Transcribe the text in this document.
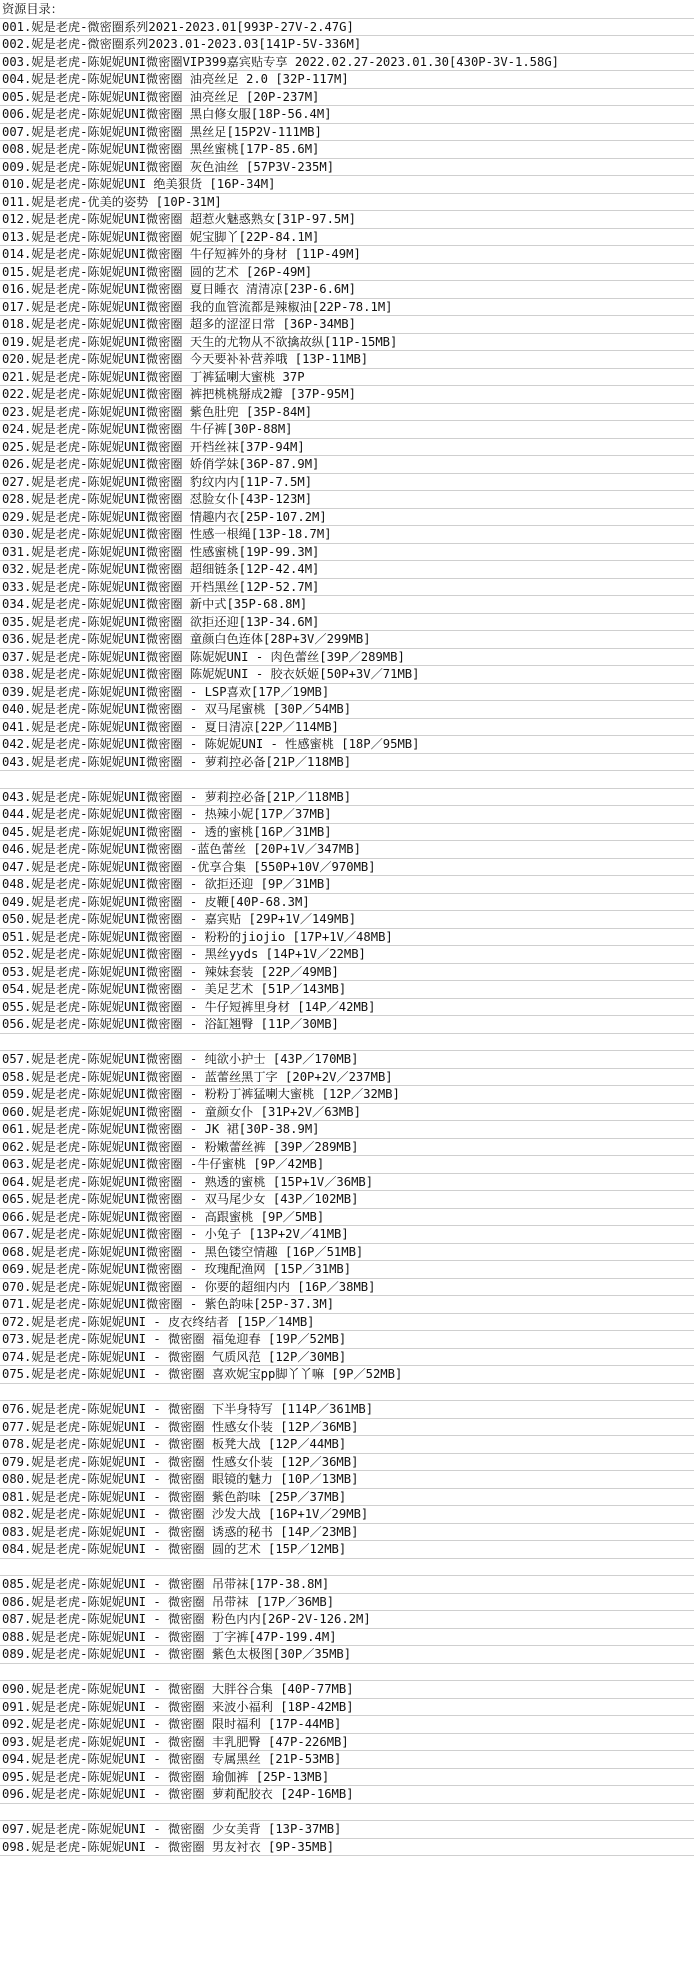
资源目录：
001.妮是老虎-微密圈系列2021-2023.01[993P-27V-2.47G]
002.妮是老虎-微密圈系列2023.01-2023.03[141P-5V-336M]
003.妮是老虎-陈妮妮UNI微密圈VIP399嘉宾贴专享 2022.02.27-2023.01.30[430P-3V-1.58G]
004.妮是老虎-陈妮妮UNI微密圈 油亮丝足 2.0 [32P-117M]
005.妮是老虎-陈妮妮UNI微密圈 油亮丝足 [20P-237M]
006.妮是老虎-陈妮妮UNI微密圈 黑白修女服[18P-56.4M]
007.妮是老虎-陈妮妮UNI微密圈 黑丝足[15P2V-111MB]
008.妮是老虎-陈妮妮UNI微密圈 黑丝蜜桃[17P-85.6M]
009.妮是老虎-陈妮妮UNI微密圈 灰色油丝 [57P3V-235M]
010.妮是老虎-陈妮妮UNI 绝美狠货 [16P-34M]
011.妮是老虎-优美的姿势 [10P-31M]
012.妮是老虎-陈妮妮UNI微密圈 超惹火魅惑熟女[31P-97.5M]
013.妮是老虎-陈妮妮UNI微密圈 妮宝脚丫[22P-84.1M]
014.妮是老虎-陈妮妮UNI微密圈 牛仔短裤外的身材 [11P-49M]
015.妮是老虎-陈妮妮UNI微密圈 圆的艺术 [26P-49M]
016.妮是老虎-陈妮妮UNI微密圈 夏日睡衣 清清凉[23P-6.6M]
017.妮是老虎-陈妮妮UNI微密圈 我的血管流都是辣椒油[22P-78.1M]
018.妮是老虎-陈妮妮UNI微密圈 超多的涩涩日常 [36P-34MB]
019.妮是老虎-陈妮妮UNI微密圈 天生的尤物从不欲擒故纵[11P-15MB]
020.妮是老虎-陈妮妮UNI微密圈 今天要补补营养哦 [13P-11MB]
021.妮是老虎-陈妮妮UNI微密圈 丁裤猛喇大蜜桃 37P
022.妮是老虎-陈妮妮UNI微密圈 裤把桃桃掰成2瓣 [37P-95M]
023.妮是老虎-陈妮妮UNI微密圈 紫色肚兜 [35P-84M]
024.妮是老虎-陈妮妮UNI微密圈 牛仔裤[30P-88M]
025.妮是老虎-陈妮妮UNI微密圈 开档丝袜[37P-94M]
026.妮是老虎-陈妮妮UNI微密圈 娇俏学妹[36P-87.9M]
027.妮是老虎-陈妮妮UNI微密圈 豹纹内内[11P-7.5M]
028.妮是老虎-陈妮妮UNI微密圈 怼脸女仆[43P-123M]
029.妮是老虎-陈妮妮UNI微密圈 情趣内衣[25P-107.2M]
030.妮是老虎-陈妮妮UNI微密圈 性感一根绳[13P-18.7M]
031.妮是老虎-陈妮妮UNI微密圈 性感蜜桃[19P-99.3M]
032.妮是老虎-陈妮妮UNI微密圈 超细链条[12P-42.4M]
033.妮是老虎-陈妮妮UNI微密圈 开档黑丝[12P-52.7M]
034.妮是老虎-陈妮妮UNI微密圈 新中式[35P-68.8M]
035.妮是老虎-陈妮妮UNI微密圈 欲拒还迎[13P-34.6M]
036.妮是老虎-陈妮妮UNI微密圈 童颜白色连体[28P+3V／299MB]
037.妮是老虎-陈妮妮UNI微密圈 陈妮妮UNI - 肉色蕾丝[39P／289MB]
038.妮是老虎-陈妮妮UNI微密圈 陈妮妮UNI - 胶衣妖姬[50P+3V／71MB]
039.妮是老虎-陈妮妮UNI微密圈 - LSP喜欢[17P／19MB]
040.妮是老虎-陈妮妮UNI微密圈 - 双马尾蜜桃 [30P／54MB]
041.妮是老虎-陈妮妮UNI微密圈 - 夏日清凉[22P／114MB]
042.妮是老虎-陈妮妮UNI微密圈 - 陈妮妮UNI - 性感蜜桃 [18P／95MB]
043.妮是老虎-陈妮妮UNI微密圈 - 萝莉控必备[21P／118MB]
043.妮是老虎-陈妮妮UNI微密圈 - 萝莉控必备[21P／118MB]
044.妮是老虎-陈妮妮UNI微密圈 - 热辣小妮[17P／37MB]
045.妮是老虎-陈妮妮UNI微密圈 - 透的蜜桃[16P／31MB]
046.妮是老虎-陈妮妮UNI微密圈 -蓝色蕾丝 [20P+1V／347MB]
047.妮是老虎-陈妮妮UNI微密圈 -优享合集 [550P+10V／970MB]
048.妮是老虎-陈妮妮UNI微密圈 - 欲拒还迎 [9P／31MB]
049.妮是老虎-陈妮妮UNI微密圈 - 皮鞭[40P-68.3M]
050.妮是老虎-陈妮妮UNI微密圈 - 嘉宾贴 [29P+1V／149MB]
051.妮是老虎-陈妮妮UNI微密圈 - 粉粉的jiojio [17P+1V／48MB]
052.妮是老虎-陈妮妮UNI微密圈 - 黑丝yyds [14P+1V／22MB]
053.妮是老虎-陈妮妮UNI微密圈 - 辣妹套装 [22P／49MB]
054.妮是老虎-陈妮妮UNI微密圈 - 美足艺术 [51P／143MB]
055.妮是老虎-陈妮妮UNI微密圈 - 牛仔短裤里身材 [14P／42MB]
056.妮是老虎-陈妮妮UNI微密圈 - 浴缸翘臀 [11P／30MB]
057.妮是老虎-陈妮妮UNI微密圈 - 纯欲小护士 [43P／170MB]
058.妮是老虎-陈妮妮UNI微密圈 - 蓝蕾丝黑丁字 [20P+2V／237MB]
059.妮是老虎-陈妮妮UNI微密圈 - 粉粉丁裤猛喇大蜜桃 [12P／32MB]
060.妮是老虎-陈妮妮UNI微密圈 - 童颜女仆 [31P+2V／63MB]
061.妮是老虎-陈妮妮UNI微密圈 - JK 裙[30P-38.9M]
062.妮是老虎-陈妮妮UNI微密圈 - 粉嫩蕾丝裤 [39P／289MB]
063.妮是老虎-陈妮妮UNI微密圈 -牛仔蜜桃 [9P／42MB]
064.妮是老虎-陈妮妮UNI微密圈 - 熟透的蜜桃 [15P+1V／36MB]
065.妮是老虎-陈妮妮UNI微密圈 - 双马尾少女 [43P／102MB]
066.妮是老虎-陈妮妮UNI微密圈 - 高跟蜜桃 [9P／5MB]
067.妮是老虎-陈妮妮UNI微密圈 - 小兔子 [13P+2V／41MB]
068.妮是老虎-陈妮妮UNI微密圈 - 黑色镂空情趣 [16P／51MB]
069.妮是老虎-陈妮妮UNI微密圈 - 玫瑰配渔网 [15P／31MB]
070.妮是老虎-陈妮妮UNI微密圈 - 你要的超细内内 [16P／38MB]
071.妮是老虎-陈妮妮UNI微密圈 - 紫色韵味[25P-37.3M]
072.妮是老虎-陈妮妮UNI - 皮衣终结者 [15P／14MB]
073.妮是老虎-陈妮妮UNI - 微密圈 福兔迎春 [19P／52MB]
074.妮是老虎-陈妮妮UNI - 微密圈 气质风范 [12P／30MB]
075.妮是老虎-陈妮妮UNI - 微密圈 喜欢妮宝pp脚丫丫嘛 [9P／52MB]
076.妮是老虎-陈妮妮UNI - 微密圈 下半身特写 [114P／361MB]
077.妮是老虎-陈妮妮UNI - 微密圈 性感女仆装 [12P／36MB]
078.妮是老虎-陈妮妮UNI - 微密圈 板凳大战 [12P／44MB]
079.妮是老虎-陈妮妮UNI - 微密圈 性感女仆装 [12P／36MB]
080.妮是老虎-陈妮妮UNI - 微密圈 眼镜的魅力 [10P／13MB]
081.妮是老虎-陈妮妮UNI - 微密圈 紫色韵味 [25P／37MB]
082.妮是老虎-陈妮妮UNI - 微密圈 沙发大战 [16P+1V／29MB]
083.妮是老虎-陈妮妮UNI - 微密圈 诱惑的秘书 [14P／23MB]
084.妮是老虎-陈妮妮UNI - 微密圈 圆的艺术 [15P／12MB]
085.妮是老虎-陈妮妮UNI - 微密圈 吊带袜[17P-38.8M]
086.妮是老虎-陈妮妮UNI - 微密圈 吊带袜 [17P／36MB]
087.妮是老虎-陈妮妮UNI - 微密圈 粉色内内[26P-2V-126.2M]
088.妮是老虎-陈妮妮UNI - 微密圈 丁字裤[47P-199.4M]
089.妮是老虎-陈妮妮UNI - 微密圈 紫色太极图[30P／35MB]
090.妮是老虎-陈妮妮UNI - 微密圈 大胖谷合集 [40P-77MB]
091.妮是老虎-陈妮妮UNI - 微密圈 来波小福利 [18P-42MB]
092.妮是老虎-陈妮妮UNI - 微密圈 限时福利 [17P-44MB]
093.妮是老虎-陈妮妮UNI - 微密圈 丰乳肥臀 [47P-226MB]
094.妮是老虎-陈妮妮UNI - 微密圈 专属黑丝 [21P-53MB]
095.妮是老虎-陈妮妮UNI - 微密圈 瑜伽裤 [25P-13MB]
096.妮是老虎-陈妮妮UNI - 微密圈 萝莉配胶衣 [24P-16MB]
097.妮是老虎-陈妮妮UNI - 微密圈 少女美背 [13P-37MB]
098.妮是老虎-陈妮妮UNI - 微密圈 男友衬衣 [9P-35MB]
